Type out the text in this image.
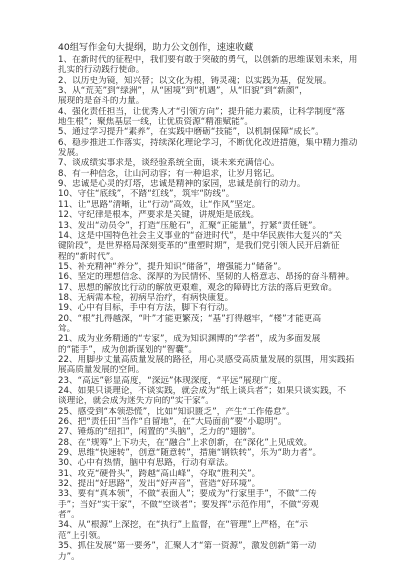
40组写作金句大提纲，助力公文创作，速速收藏

1、在新时代的征程中，我们要有敢于突破的勇气，以创新的思维谋划未来，用

扎实的行动践行使命。

2、以历史为镜，知兴替；以文化为根，铸灵魂；以实践为基，促发展。

3、从“荒芜”到“绿洲”，从“困境”到“机遇”，从“旧貌”到“新颜”，

展现的是奋斗的力量。

4、强化责任担当，让优秀人才“引领方向”；提升能力素质，让科学制度“落

地生根”；聚焦基层一线，让优质资源“精准赋能”。

5、通过学习提升“素养”，在实践中磨砺“技能”，以机制保障“成长”。

6、稳步推进工作落实，持续深化理论学习，不断优化改进措施，集中精力推动

发展。

7、谈成绩实事求是，谈经验系统全面，谈未来充满信心。

8、有一种信念，让山河动容；有一种追求，让岁月铭记。

9、忠诚是心灵的灯塔，忠诚是精神的家园，忠诚是前行的动力。

10、守住“底线”，不踏“红线”，筑牢“防线”。

11、让“思路”清晰，让“行动”高效，让“作风”坚定。

12、守纪律是根本，严要求是关键，讲规矩是底线。

13、发出“动员令”，打造“压舱石”，汇聚“正能量”，拧紧“责任链”。

14、这是中国特色社会主义事业的“奋进时代”，是中华民族伟大复兴的“关

键阶段”，是世界格局深刻变革的“重塑时期”，是我们党引领人民开启新征

程的“新时代”。

15、补充精神“养分”，提升知识“储备”，增强能力“储备”。

16、坚定的理想信念、深厚的为民情怀、坚韧的人格意志、昂扬的奋斗精神。

17、思想的解放比行动的解放更艰难，观念的障碍比方法的落后更致命。

18、无病需本检，初病早治疗，有病快康复。

19、心中有目标，手中有方法，脚下有行动。

20、“根”扎得越深，“叶”才能更繁茂；“基”打得越牢，“楼”才能更高

耸。

21、成为业务精通的“专家”，成为知识渊博的“学者”，成为多面发展

的“能手”，成为创新谋划的“智囊”。

22、用脚步丈量高质量发展的路径，用心灵感受高质量发展的氛围，用实践拓

展高质量发展的空间。

23、“高远”彰显高度，“深远”体现深度，“平远”展现广度。

24、如果只谈理论，不谈实践，就会成为“纸上谈兵者”；如果只谈实践，不

谈理论，就会成为迷失方向的“实干家”。

25、感受到“本领恐慌”，比如“知识匮乏”，产生“工作倦怠”。

26、把“责任田”当作“自留地”，在“大局面前”要“小聪明”。

27、锤炼的“纽扣”，闲置的“头脑”，乏力的“翅膀”。

28、在“规筹”上下功夫，在“融合”上求创新，在“深化”上见成效。

29、思维“快速转”，创意“随意转”，措施“钢铁转”，乐为“助力者”。

30、心中有热情，脑中有思路，行动有章法。

31、攻克“硬骨头”，跨越“高山峰”，夺取“胜利关”。

32、提出“好思路”，发出“好声音”，营造“好环境”。

33、要有“真本领”，不做“表面人”；要成为“行家里手”，不做“二传

手”；当好“实干家”，不做“空谈者”；要发挥“示范作用”，不做“旁观

者”。

34、从“根源”上深挖，在“执行”上监督，在“管理”上严格，在“示

范”上引领。

35、抓住发展“第一要务”，汇聚人才“第一资源”，激发创新“第一动

力”。
